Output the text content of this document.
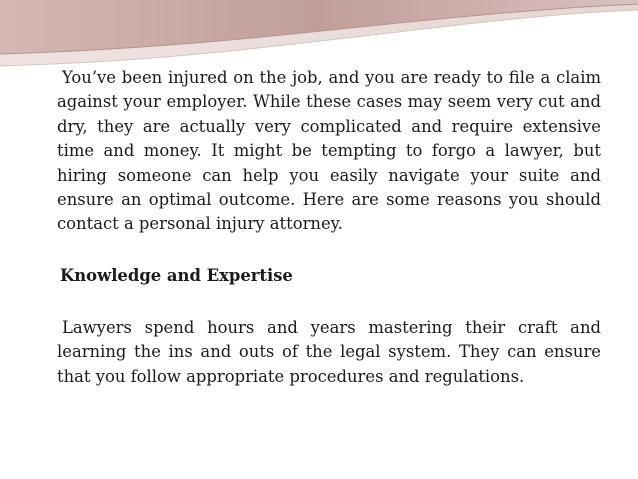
You’ve been injured on the job, and you are ready to file a claim against your employer. While these cases may seem very cut and dry, they are actually very complicated and require extensive time and money. It might be tempting to forgo a lawyer, but hiring someone can help you easily navigate your suite and ensure an optimal outcome. Here are some reasons you should contact a personal injury attorney.

Knowledge and Expertise

Lawyers spend hours and years mastering their craft and learning the ins and outs of the legal system. They can ensure that you follow appropriate procedures and regulations.
